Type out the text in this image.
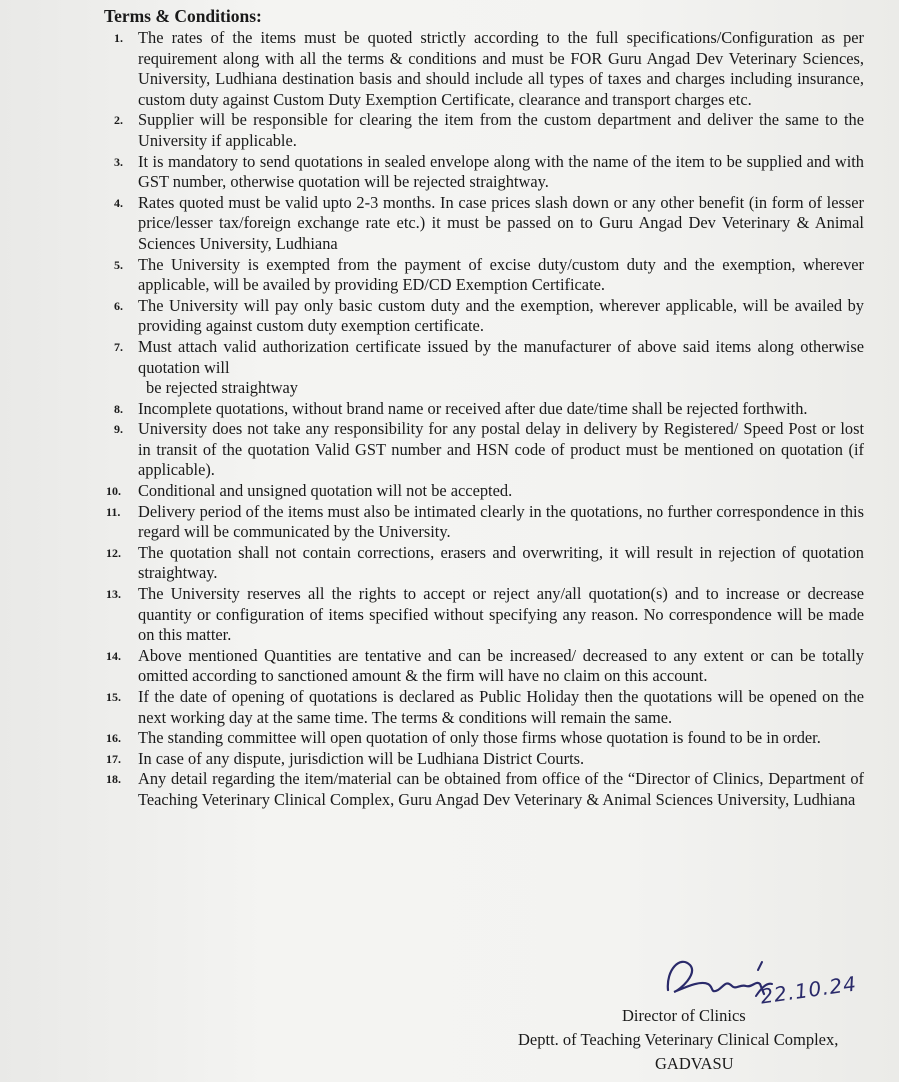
Terms & Conditions:
1. The rates of the items must be quoted strictly according to the full specifications/Configuration as per requirement along with all the terms & conditions and must be FOR Guru Angad Dev Veterinary Sciences, University, Ludhiana destination basis and should include all types of taxes and charges including insurance, custom duty against Custom Duty Exemption Certificate, clearance and transport charges etc.
2. Supplier will be responsible for clearing the item from the custom department and deliver the same to the University if applicable.
3. It is mandatory to send quotations in sealed envelope along with the name of the item to be supplied and with GST number, otherwise quotation will be rejected straightway.
4. Rates quoted must be valid upto 2-3 months. In case prices slash down or any other benefit (in form of lesser price/lesser tax/foreign exchange rate etc.) it must be passed on to Guru Angad Dev Veterinary & Animal Sciences University, Ludhiana
5. The University is exempted from the payment of excise duty/custom duty and the exemption, wherever applicable, will be availed by providing ED/CD Exemption Certificate.
6. The University will pay only basic custom duty and the exemption, wherever applicable, will be availed by providing against custom duty exemption certificate.
7. Must attach valid authorization certificate issued by the manufacturer of above said items along otherwise quotation will
be rejected straightway
8. Incomplete quotations, without brand name or received after due date/time shall be rejected forthwith.
9. University does not take any responsibility for any postal delay in delivery by Registered/ Speed Post or lost in transit of the quotation Valid GST number and HSN code of product must be mentioned on quotation (if applicable).
10. Conditional and unsigned quotation will not be accepted.
11. Delivery period of the items must also be intimated clearly in the quotations, no further correspondence in this regard will be communicated by the University.
12. The quotation shall not contain corrections, erasers and overwriting, it will result in rejection of quotation straightway.
13. The University reserves all the rights to accept or reject any/all quotation(s) and to increase or decrease quantity or configuration of items specified without specifying any reason. No correspondence will be made on this matter.
14. Above mentioned Quantities are tentative and can be increased/ decreased to any extent or can be totally omitted according to sanctioned amount & the firm will have no claim on this account.
15. If the date of opening of quotations is declared as Public Holiday then the quotations will be opened on the next working day at the same time. The terms & conditions will remain the same.
16. The standing committee will open quotation of only those firms whose quotation is found to be in order.
17. In case of any dispute, jurisdiction will be Ludhiana District Courts.
18. Any detail regarding the item/material can be obtained from office of the “Director of Clinics, Department of Teaching Veterinary Clinical Complex, Guru Angad Dev Veterinary & Animal Sciences University, Ludhiana
22.10.24
Director of Clinics
Deptt. of Teaching Veterinary Clinical Complex,
GADVASU
